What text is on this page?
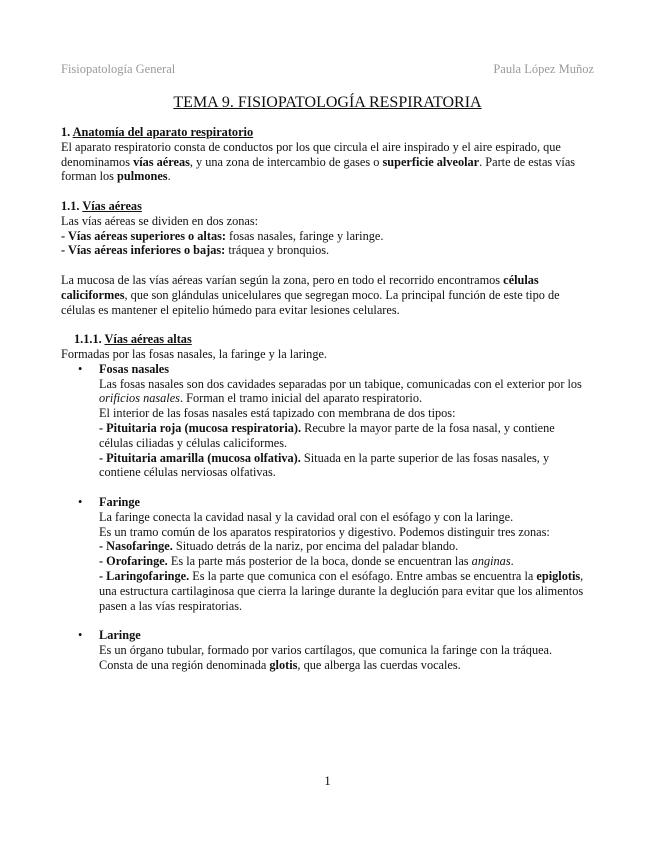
Fisiopatología General	Paula López Muñoz
TEMA 9. FISIOPATOLOGÍA RESPIRATORIA

1. Anatomía del aparato respiratorio

El aparato respiratorio consta de conductos por los que circula el aire inspirado y el aire espirado, que denominamos vías aéreas, y una zona de intercambio de gases o superficie alveolar. Parte de estas vías forman los pulmones.

1.1. Vías aéreas

Las vías aéreas se dividen en dos zonas:

- Vías aéreas superiores o altas: fosas nasales, faringe y laringe.

- Vías aéreas inferiores o bajas: tráquea y bronquios.

La mucosa de las vías aéreas varían según la zona, pero en todo el recorrido encontramos células caliciformes, que son glándulas unicelulares que segregan moco. La principal función de este tipo de células es mantener el epitelio húmedo para evitar lesiones celulares.

1.1.1. Vías aéreas altas

Formadas por las fosas nasales, la faringe y la laringe.

• Fosas nasales

Las fosas nasales son dos cavidades separadas por un tabique, comunicadas con el exterior por los orificios nasales. Forman el tramo inicial del aparato respiratorio.

El interior de las fosas nasales está tapizado con membrana de dos tipos:

- Pituitaria roja (mucosa respiratoria). Recubre la mayor parte de la fosa nasal, y contiene células ciliadas y células caliciformes.

- Pituitaria amarilla (mucosa olfativa). Situada en la parte superior de las fosas nasales, y contiene células nerviosas olfativas.

• Faringe

La faringe conecta la cavidad nasal y la cavidad oral con el esófago y con la laringe.

Es un tramo común de los aparatos respiratorios y digestivo. Podemos distinguir tres zonas:

- Nasofaringe. Situado detrás de la nariz, por encima del paladar blando.

- Orofaringe. Es la parte más posterior de la boca, donde se encuentran las anginas.

- Laringofaringe. Es la parte que comunica con el esófago. Entre ambas se encuentra la epiglotis, una estructura cartilaginosa que cierra la laringe durante la deglución para evitar que los alimentos pasen a las vías respiratorias.

• Laringe

Es un órgano tubular, formado por varios cartílagos, que comunica la faringe con la tráquea.

Consta de una región denominada glotis, que alberga las cuerdas vocales.

1
